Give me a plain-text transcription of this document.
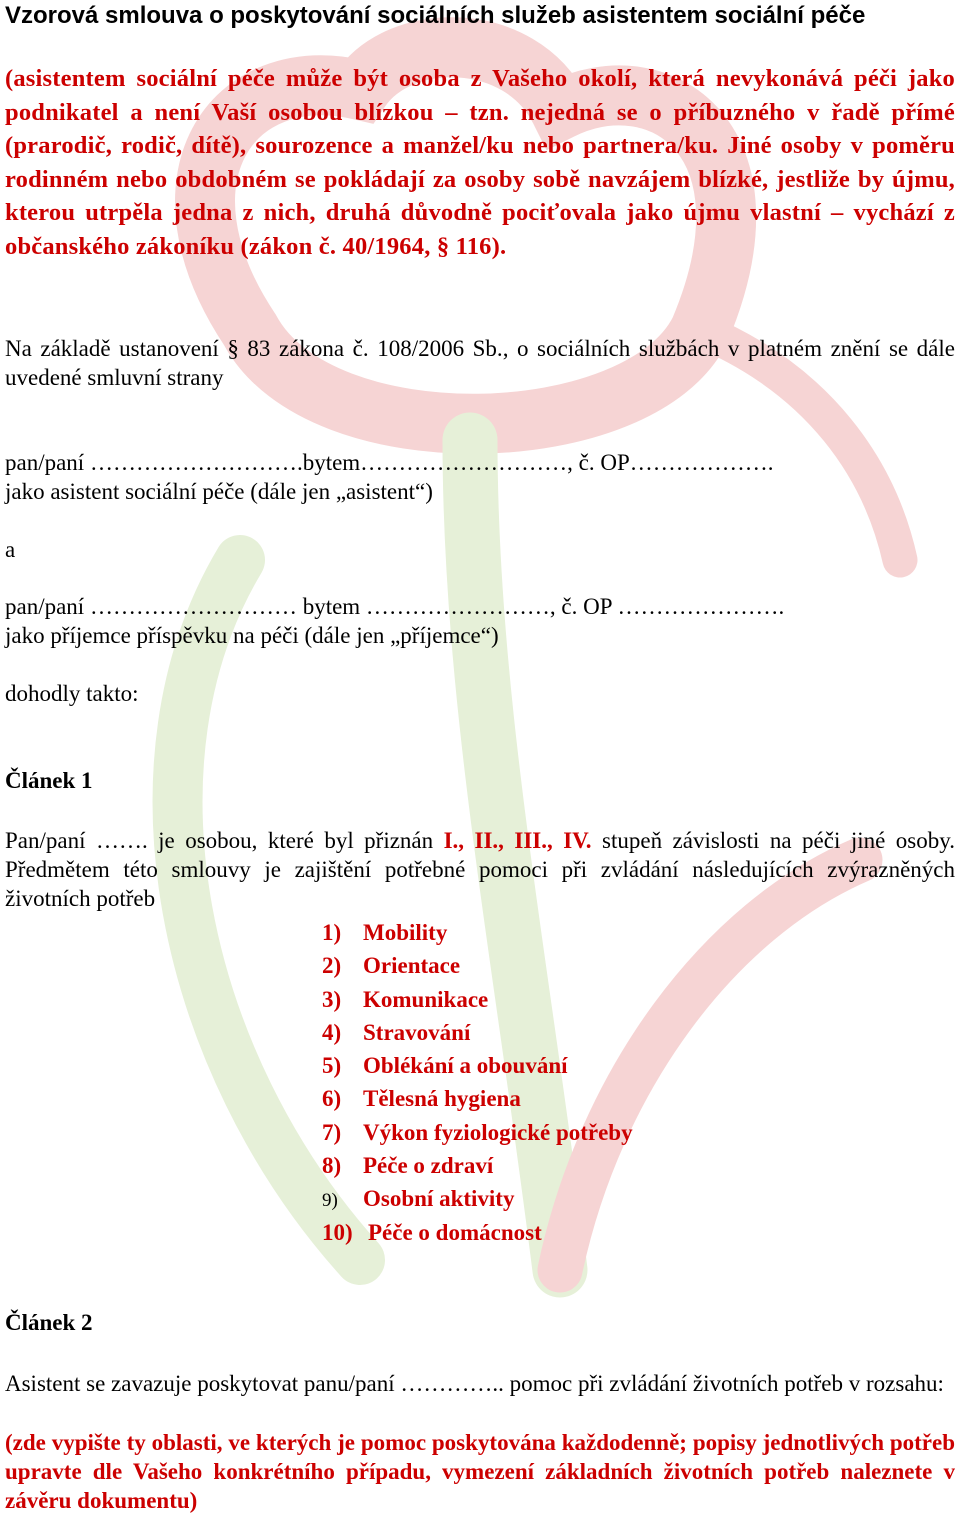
Vzorová smlouva o poskytování sociálních služeb asistentem sociální péče
(asistentem sociální péče může být osoba z Vašeho okolí, která nevykonává péči jako podnikatel a není Vaší osobou blízkou – tzn. nejedná se o příbuzného v řadě přímé (prarodič, rodič, dítě), sourozence a manžel/ku nebo partnera/ku. Jiné osoby v poměru rodinném nebo obdobném se pokládají za osoby sobě navzájem blízké, jestliže by újmu, kterou utrpěla jedna z nich, druhá důvodně pociťovala jako újmu vlastní – vychází z občanského zákoníku (zákon č. 40/1964, § 116).
Na základě ustanovení § 83 zákona č. 108/2006 Sb., o sociálních službách v platném znění se dále uvedené smluvní strany
pan/paní ……………………….bytem………………………, č. OP……………….
jako asistent sociální péče (dále jen „asistent“)
a
pan/paní ……………………… bytem ……………………, č. OP ………………….
jako příjemce příspěvku na péči (dále jen „příjemce“)
dohodly takto:
Článek 1
Pan/paní ……. je osobou, které byl přiznán I., II., III., IV. stupeň závislosti na péči jiné osoby. Předmětem této smlouvy je zajištění potřebné pomoci při zvládání následujících zvýrazněných životních potřeb
1) Mobility
2) Orientace
3) Komunikace
4) Stravování
5) Oblékání a obouvání
6) Tělesná hygiena
7) Výkon fyziologické potřeby
8) Péče o zdraví
9) Osobní aktivity
10) Péče o domácnost
Článek 2
Asistent se zavazuje poskytovat panu/paní ………….. pomoc při zvládání životních potřeb v rozsahu:
(zde vypište ty oblasti, ve kterých je pomoc poskytována každodenně; popisy jednotlivých potřeb upravte dle Vašeho konkrétního případu, vymezení základních životních potřeb naleznete v závěru dokumentu)
